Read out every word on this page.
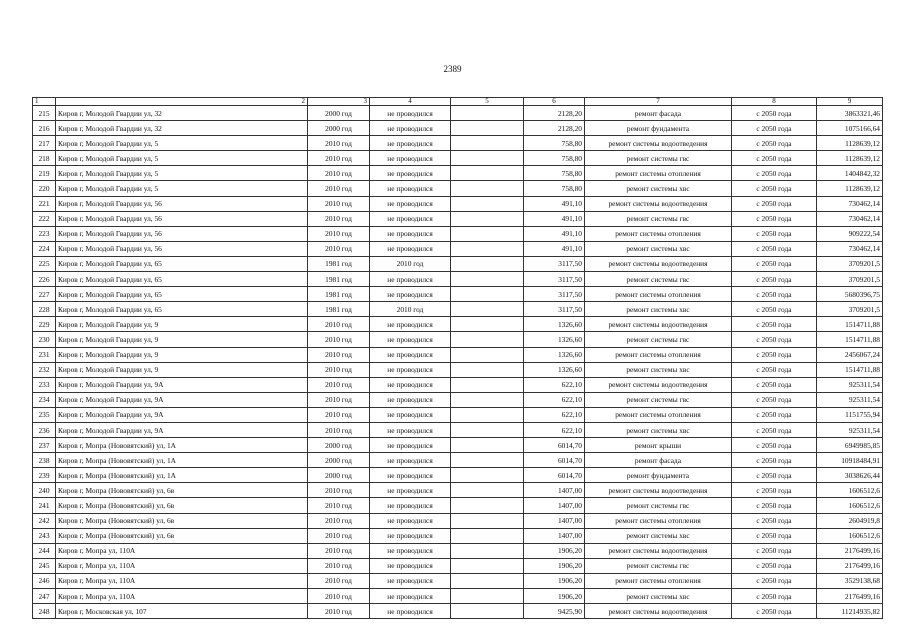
2389
1	2	3	4	5	6	7	8	9
215	Киров г, Молодой Гвардии ул, 32	2000 год	не проводился		2128,20	ремонт фасада	с 2050 года	3863321,46
216	Киров г, Молодой Гвардии ул, 32	2000 год	не проводился		2128,20	ремонт фундамента	с 2050 года	1075166,64
217	Киров г, Молодой Гвардии ул, 5	2010 год	не проводился		758,80	ремонт системы водоотведения	с 2050 года	1128639,12
218	Киров г, Молодой Гвардии ул, 5	2010 год	не проводился		758,80	ремонт системы гвс	с 2050 года	1128639,12
219	Киров г, Молодой Гвардии ул, 5	2010 год	не проводился		758,80	ремонт системы отопления	с 2050 года	1404842,32
220	Киров г, Молодой Гвардии ул, 5	2010 год	не проводился		758,80	ремонт системы хвс	с 2050 года	1128639,12
221	Киров г, Молодой Гвардии ул, 56	2010 год	не проводился		491,10	ремонт системы водоотведения	с 2050 года	730462,14
222	Киров г, Молодой Гвардии ул, 56	2010 год	не проводился		491,10	ремонт системы гвс	с 2050 года	730462,14
223	Киров г, Молодой Гвардии ул, 56	2010 год	не проводился		491,10	ремонт системы отопления	с 2050 года	909222,54
224	Киров г, Молодой Гвардии ул, 56	2010 год	не проводился		491,10	ремонт системы хвс	с 2050 года	730462,14
225	Киров г, Молодой Гвардии ул, 65	1981 год	2010 год		3117,50	ремонт системы водоотведения	с 2050 года	3709201,5
226	Киров г, Молодой Гвардии ул, 65	1981 год	не проводился		3117,50	ремонт системы гвс	с 2050 года	3709201,5
227	Киров г, Молодой Гвардии ул, 65	1981 год	не проводился		3117,50	ремонт системы отопления	с 2050 года	5680396,75
228	Киров г, Молодой Гвардии ул, 65	1981 год	2010 год		3117,50	ремонт системы хвс	с 2050 года	3709201,5
229	Киров г, Молодой Гвардии ул, 9	2010 год	не проводился		1326,60	ремонт системы водоотведения	с 2050 года	1514711,88
230	Киров г, Молодой Гвардии ул, 9	2010 год	не проводился		1326,60	ремонт системы гвс	с 2050 года	1514711,88
231	Киров г, Молодой Гвардии ул, 9	2010 год	не проводился		1326,60	ремонт системы отопления	с 2050 года	2456067,24
232	Киров г, Молодой Гвардии ул, 9	2010 год	не проводился		1326,60	ремонт системы хвс	с 2050 года	1514711,88
233	Киров г, Молодой Гвардии ул, 9А	2010 год	не проводился		622,10	ремонт системы водоотведения	с 2050 года	925311,54
234	Киров г, Молодой Гвардии ул, 9А	2010 год	не проводился		622,10	ремонт системы гвс	с 2050 года	925311,54
235	Киров г, Молодой Гвардии ул, 9А	2010 год	не проводился		622,10	ремонт системы отопления	с 2050 года	1151755,94
236	Киров г, Молодой Гвардии ул, 9А	2010 год	не проводился		622,10	ремонт системы хвс	с 2050 года	925311,54
237	Киров г, Мопра (Нововятский) ул, 1А	2000 год	не проводился		6014,70	ремонт крыши	с 2050 года	6949985,85
238	Киров г, Мопра (Нововятский) ул, 1А	2000 год	не проводился		6014,70	ремонт фасада	с 2050 года	10918484,91
239	Киров г, Мопра (Нововятский) ул, 1А	2000 год	не проводился		6014,70	ремонт фундамента	с 2050 года	3038626,44
240	Киров г, Мопра (Нововятский) ул, 6в	2010 год	не проводился		1407,00	ремонт системы водоотведения	с 2050 года	1606512,6
241	Киров г, Мопра (Нововятский) ул, 6в	2010 год	не проводился		1407,00	ремонт системы гвс	с 2050 года	1606512,6
242	Киров г, Мопра (Нововятский) ул, 6в	2010 год	не проводился		1407,00	ремонт системы отопления	с 2050 года	2604919,8
243	Киров г, Мопра (Нововятский) ул, 6в	2010 год	не проводился		1407,00	ремонт системы хвс	с 2050 года	1606512,6
244	Киров г, Мопра ул, 110А	2010 год	не проводился		1906,20	ремонт системы водоотведения	с 2050 года	2176499,16
245	Киров г, Мопра ул, 110А	2010 год	не проводился		1906,20	ремонт системы гвс	с 2050 года	2176499,16
246	Киров г, Мопра ул, 110А	2010 год	не проводился		1906,20	ремонт системы отопления	с 2050 года	3529138,68
247	Киров г, Мопра ул, 110А	2010 год	не проводился		1906,20	ремонт системы хвс	с 2050 года	2176499,16
248	Киров г, Московская ул, 107	2010 год	не проводился		9425,90	ремонт системы водоотведения	с 2050 года	11214935,82
